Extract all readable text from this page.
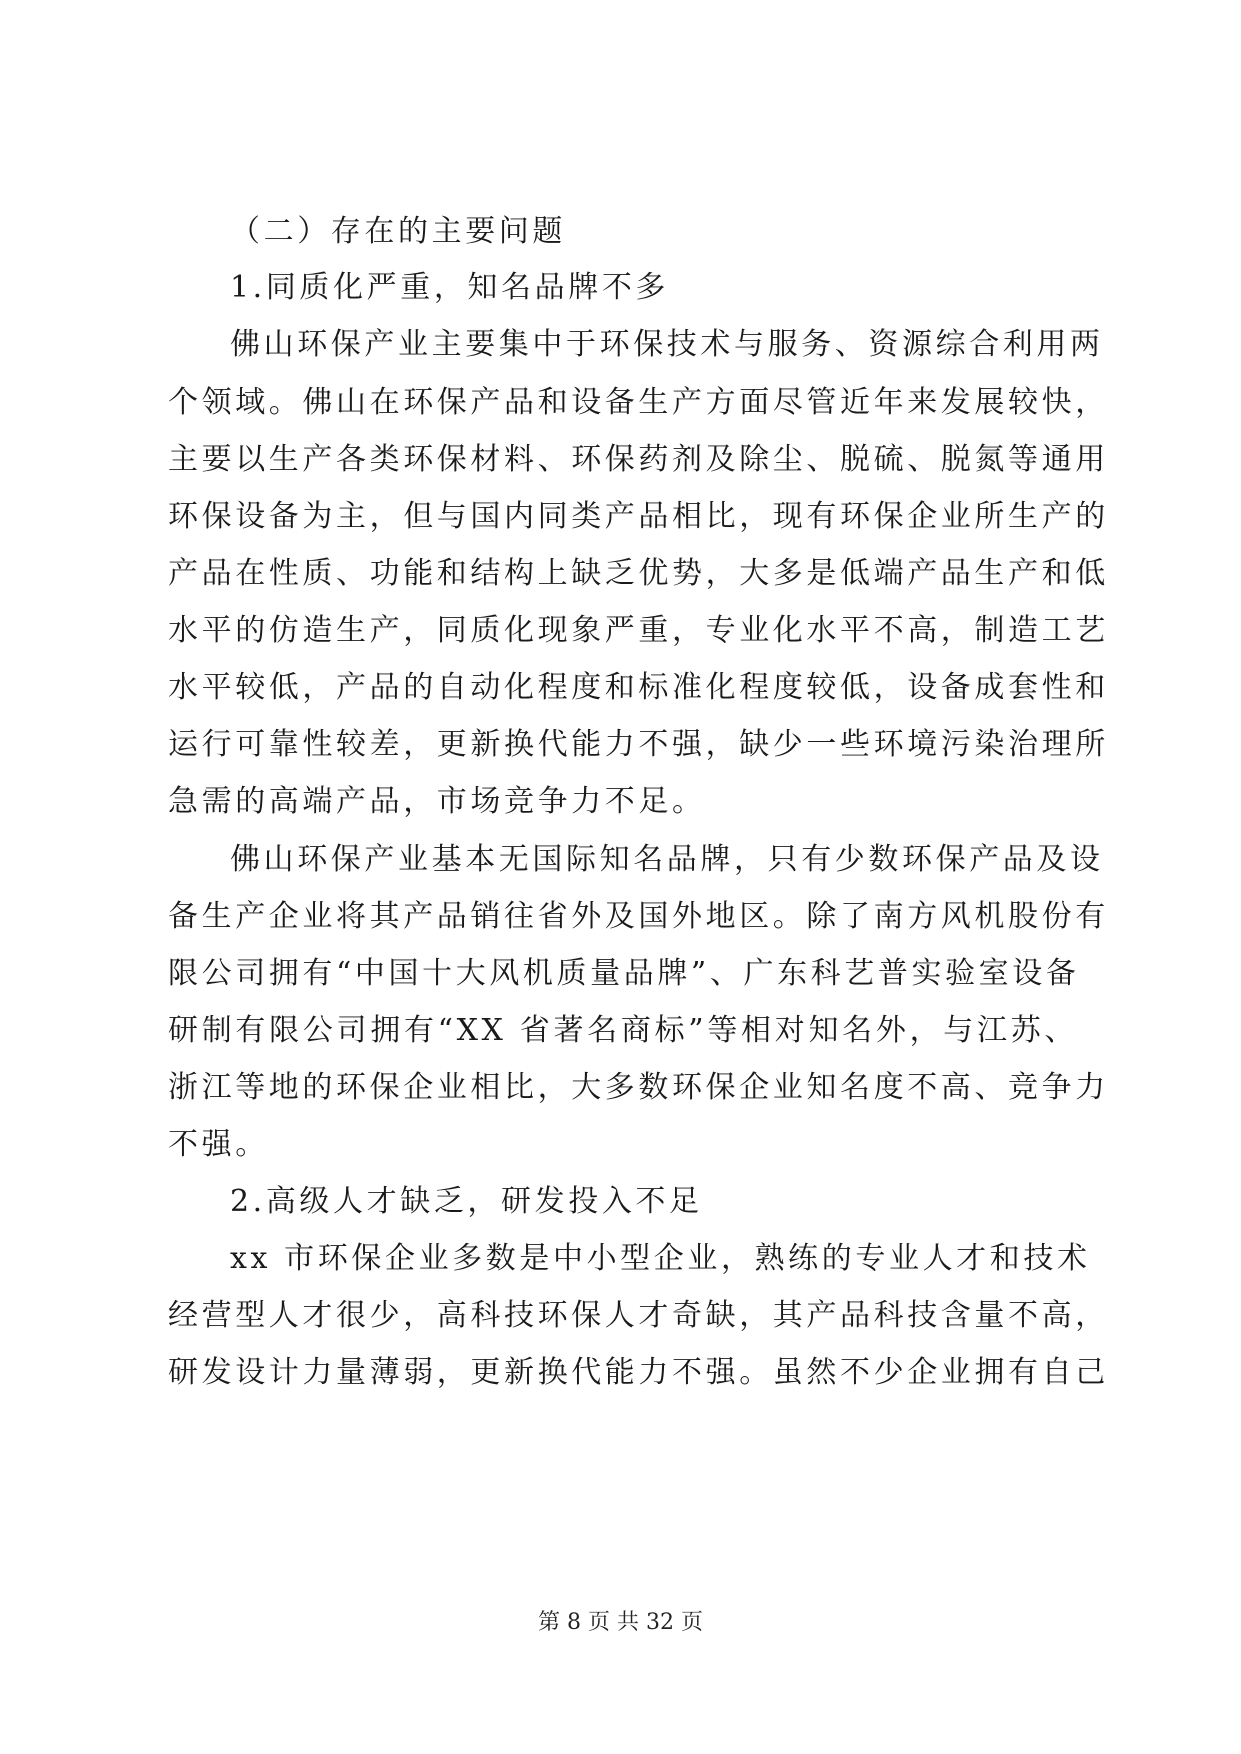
（二）存在的主要问题
1.同质化严重，知名品牌不多
佛山环保产业主要集中于环保技术与服务、资源综合利用两
个领域。佛山在环保产品和设备生产方面尽管近年来发展较快，
主要以生产各类环保材料、环保药剂及除尘、脱硫、脱氮等通用
环保设备为主，但与国内同类产品相比，现有环保企业所生产的
产品在性质、功能和结构上缺乏优势，大多是低端产品生产和低
水平的仿造生产，同质化现象严重，专业化水平不高，制造工艺
水平较低，产品的自动化程度和标准化程度较低，设备成套性和
运行可靠性较差，更新换代能力不强，缺少一些环境污染治理所
急需的高端产品，市场竞争力不足。
佛山环保产业基本无国际知名品牌，只有少数环保产品及设
备生产企业将其产品销往省外及国外地区。除了南方风机股份有
限公司拥有“中国十大风机质量品牌”、广东科艺普实验室设备
研制有限公司拥有“XX 省著名商标”等相对知名外，与江苏、
浙江等地的环保企业相比，大多数环保企业知名度不高、竞争力
不强。
2.高级人才缺乏，研发投入不足
xx 市环保企业多数是中小型企业，熟练的专业人才和技术
经营型人才很少，高科技环保人才奇缺，其产品科技含量不高，
研发设计力量薄弱，更新换代能力不强。虽然不少企业拥有自己
第 8 页 共 32 页
